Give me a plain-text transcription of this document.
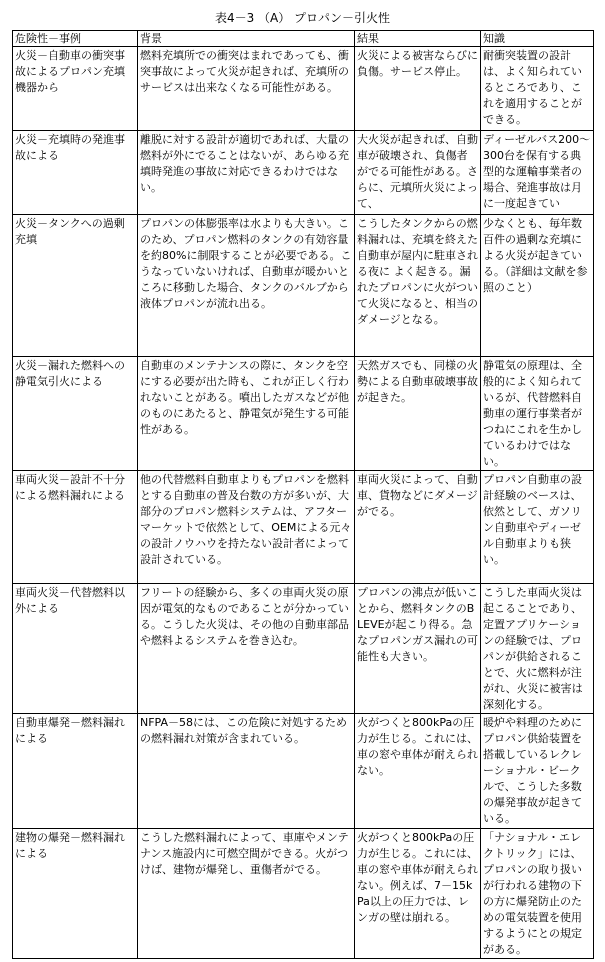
表4－3 （A） プロパン－引火性
危険性－事例	背景	結果	知識
火災－自動車の衝突事故によるプロパン充填機器から	燃料充填所での衝突はまれであっても、衝突事故によって火災が起きれば、充填所のサービスは出来なくなる可能性がある。	火災による被害ならびに負傷。サービス停止。	耐衝突装置の設計は、よく知られているところであり、これを適用することができる。
火災－充填時の発進事故による	離脱に対する設計が適切であれば、大量の燃料が外にでることはないが、あらゆる充填時発進の事故に対応できるわけではない。	大火災が起きれば、自動車が破壊され、負傷者がでる可能性がある。さらに、元填所火災によって、	ディーゼルバス200～300台を保有する典型的な運輸事業者の場合、発進事故は月に一度起きてい
火災－タンクへの過剰充填	プロパンの体膨張率は水よりも大きい。このため、プロパン燃料のタンクの有効容量を約80%に制限することが必要である。こうなっていないければ、自動車が暖かいところに移動した場合、タンクのバルブから液体プロパンが流れ出る。	こうしたタンクからの燃料漏れは、充填を終えた自動車が屋内に駐車される夜に よく起きる。漏れたプロパンに火がついて火災になると、相当のダメージとなる。	少なくとも、毎年数百件の過剰な充填による火災が起きている。（詳細は文献を参照のこと）
火災－漏れた燃料への静電気引火による	自動車のメンテナンスの際に、タンクを空にする必要が出た時も、これが正しく行われないことがある。噴出したガスなどが他のものにあたると、静電気が発生する可能性がある。	天然ガスでも、同様の火勢による自動車破壊事故が起きた。	静電気の原理は、全般的によく知られているが、代替燃料自動車の運行事業者がつねにこれを生かしているわけではない。
車両火災－設計不十分による燃料漏れによる	他の代替燃料自動車よりもプロパンを燃料とする自動車の普及台数の方が多いが、大部分のプロパン燃料システムは、アフターマーケットで依然として、OEMによる元々の設計ノウハウを持たない設計者によって設計されている。	車両火災によって、自動車、貨物などにダメージがでる。	プロパン自動車の設計経験のベースは、依然として、ガソリン自動車やディーゼル自動車よりも狭い。
車両火災－代替燃料以外による	フリートの経験から、多くの車両火災の原因が電気的なものであることが分かっている。こうした火災は、その他の自動車部品や燃料よるシステムを巻き込む。	プロパンの沸点が低いことから、燃料タンクのBLEVEが起こり得る。急なプロパンガス漏れの可能性も大きい。	こうした車両火災は起こることであり、定置アプリケーションの経験では、プロパンが供給されることで、火に燃料が注がれ、火災に被害は深刻化する。
自動車爆発－燃料漏れによる	NFPA－58には、この危険に対処するための燃料漏れ対策が含まれている。	火がつくと800kPaの圧力が生じる。これには、車の窓や車体が耐えられない。	暖炉や料理のためにプロパン供給装置を搭載しているレクレーショナル・ビークルで、こうした多数の爆発事故が起きている。
建物の爆発－燃料漏れによる	こうした燃料漏れによって、車庫やメンテナンス施設内に可燃空間ができる。火がつけば、建物が爆発し、重傷者がでる。	火がつくと800kPaの圧力が生じる。これには、車の窓や車体が耐えられない。例えば、7－15kPa以上の圧力では、レンガの壁は崩れる。	「ナショナル・エレクトリック」には、プロパンの取り扱いが行われる建物の下の方に爆発防止のための電気装置を使用するようにとの規定がある。
